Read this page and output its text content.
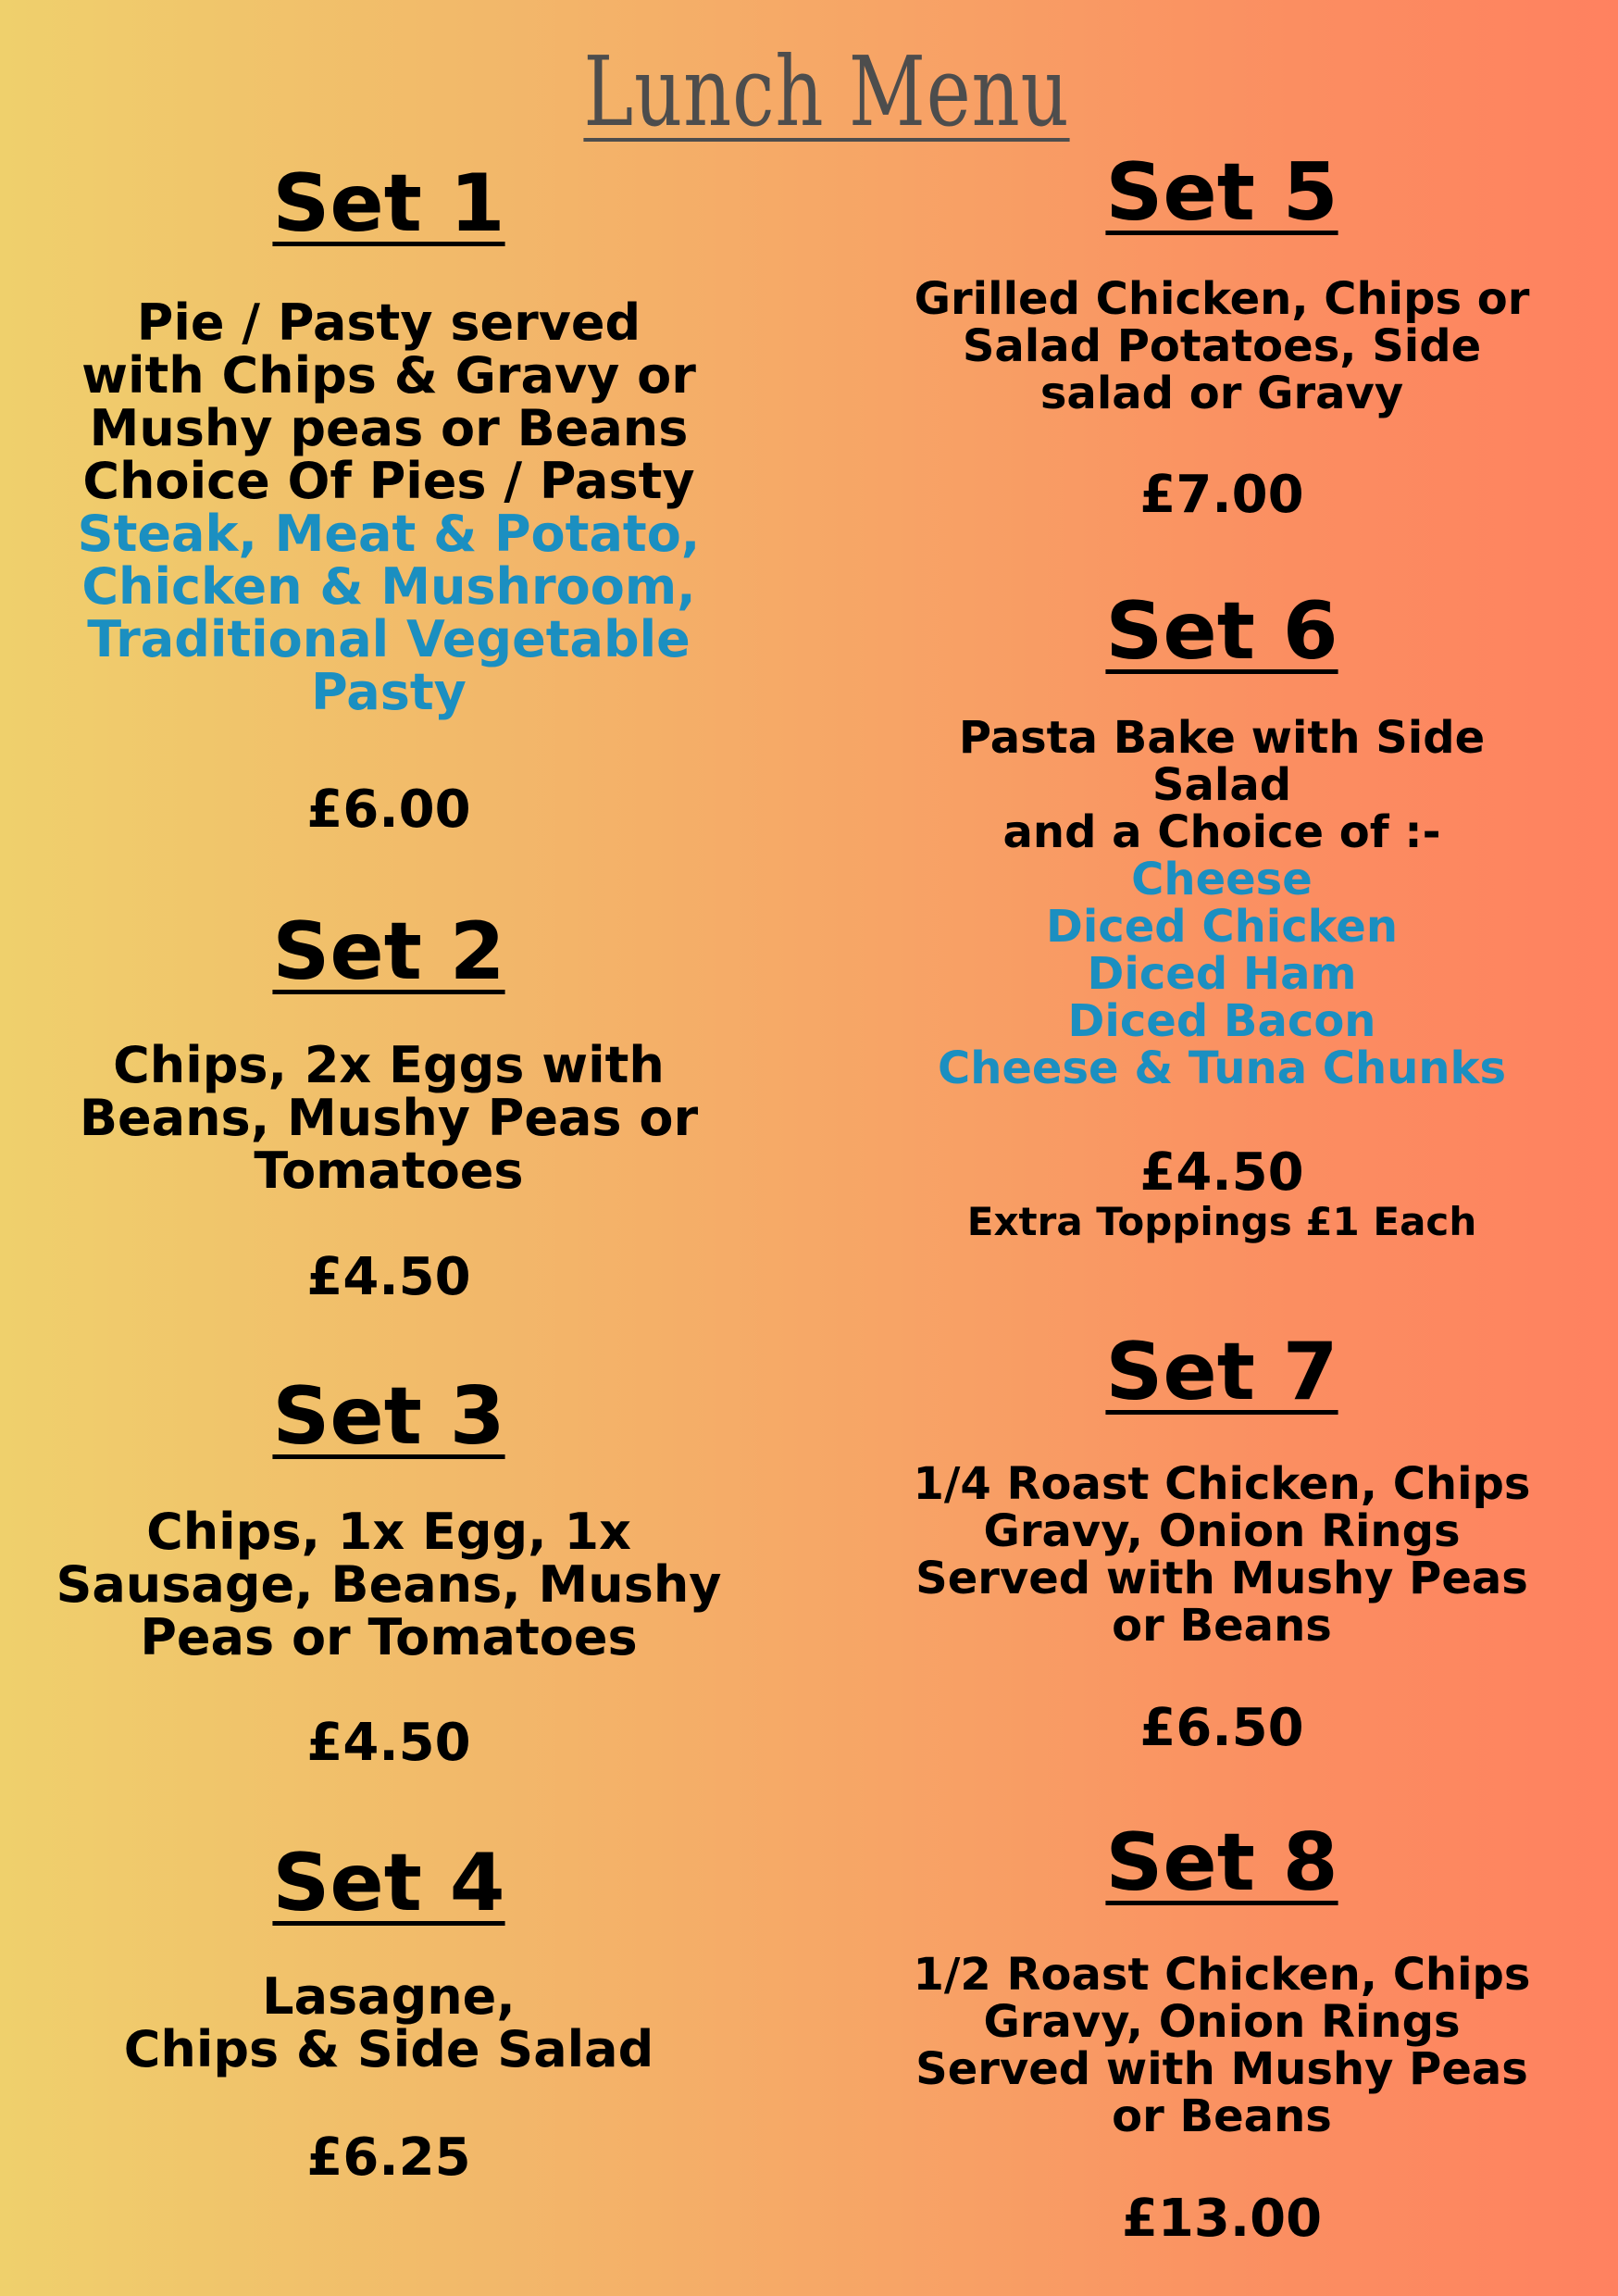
Lunch Menu
Set 1
Pie / Pasty served
with Chips & Gravy or
Mushy peas or Beans
Choice Of Pies / Pasty
Steak, Meat & Potato,
Chicken & Mushroom,
Traditional Vegetable
Pasty
£6.00
Set 2
Chips, 2x Eggs with
Beans, Mushy Peas or
Tomatoes
£4.50
Set 3
Chips, 1x Egg, 1x
Sausage, Beans, Mushy
Peas or Tomatoes
£4.50
Set 4
Lasagne,
Chips & Side Salad
£6.25
Set 5
Grilled Chicken, Chips or
Salad Potatoes, Side
salad or Gravy
£7.00
Set 6
Pasta Bake with Side
Salad
and a Choice of :-
Cheese
Diced Chicken
Diced Ham
Diced Bacon
Cheese & Tuna Chunks
£4.50
Extra Toppings £1 Each
Set 7
1/4 Roast Chicken, Chips
Gravy, Onion Rings
Served with Mushy Peas
or Beans
£6.50
Set 8
1/2 Roast Chicken, Chips
Gravy, Onion Rings
Served with Mushy Peas
or Beans
£13.00
